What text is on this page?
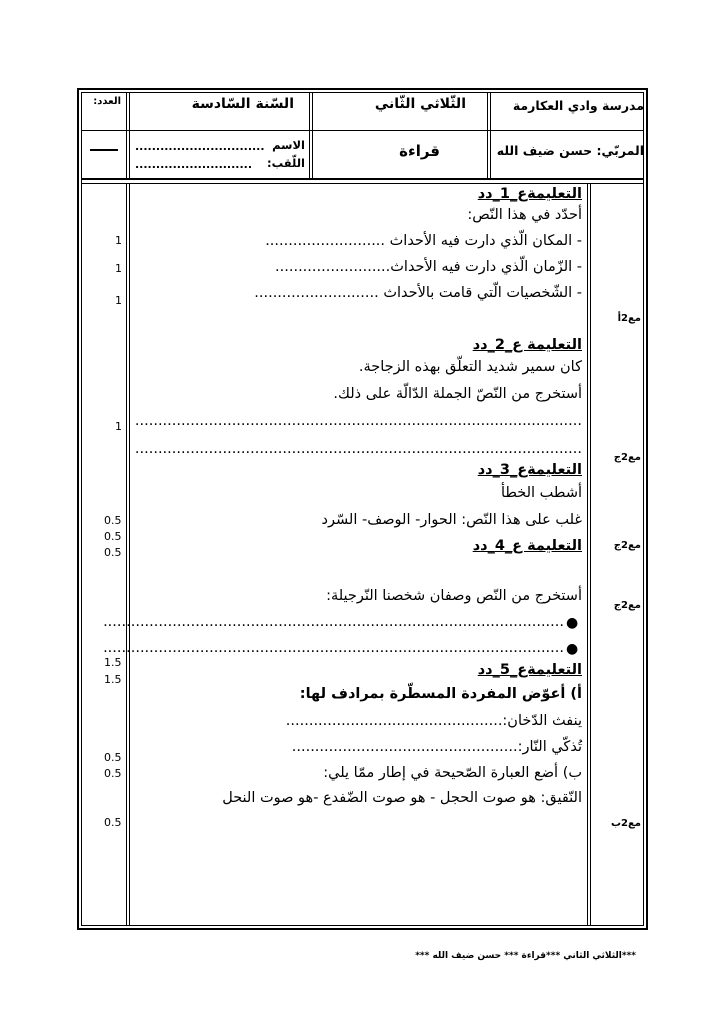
مدرسة وادي العكارمة
الثّلاثي الثّاني
السّنة السّادسة
العدد:
المربّي: حسن ضيف الله
قراءة
الاسم
...............................
اللّقب:
............................
التعليمةع_1_دد
أحدّد في هذا النّص:
- المكان الّذي دارت فيه الأحداث ..........................
- الزّمان الّذي دارت فيه الأحداث.........................
- الشّخصيات الّتي قامت بالأحداث ...........................
التعليمة ع_2_دد
كان سمير شديد التعلّق بهذه الزجاجة.
أستخرج من النّصّ الجملة الدّالّة على ذلك.
.................................................................................................
.................................................................................................
التعليمةع_3_دد
أشطب الخطأ
غلب على هذا النّص: الحوار- الوصف- السّرد
التعليمة ع_4_دد
أستخرج من النّص وصفان شخصنا النّرجيلة:
●
....................................................................................................
●
....................................................................................................
التعليمةع_5_دد
أ) أعوّض المفردة المسطّرة بمرادف لها:
ينفث الدّخان:...............................................
تُذكّي النّار:.................................................
ب) أضع العبارة الصّحيحة في إطار ممّا يلي:
النّقيق: هو صوت الحجل - هو صوت الضّفدع -هو صوت النحل
مع2أ
مع2ج
مع2ج
مع2ج
مع2ب
1
1
1
1
0.5
0.5
0.5
1.5
1.5
0.5
0.5
0.5
***الثلاثي الثاني ***قراءة *** حسن ضيف الله ***
